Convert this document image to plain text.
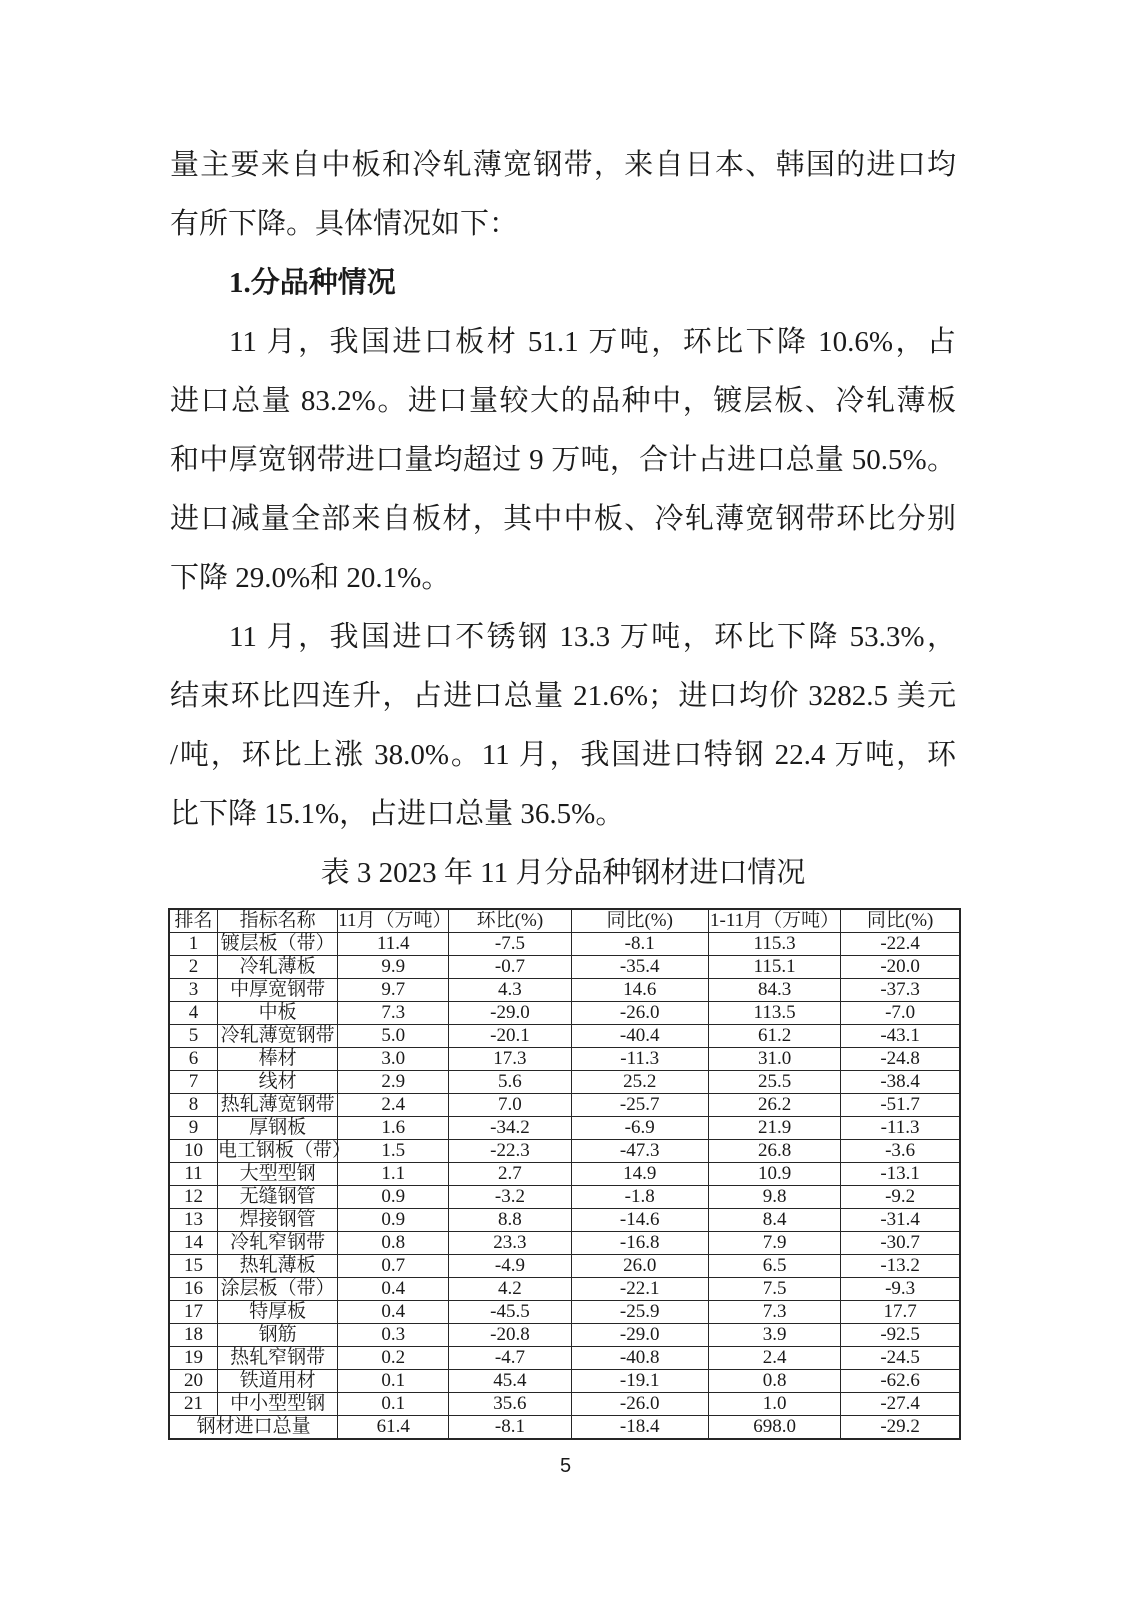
量主要来自中板和冷轧薄宽钢带，来自日本、韩国的进口均
有所下降。具体情况如下：
1.分品种情况
11 月，我国进口板材 51.1 万吨，环比下降 10.6%，占
进口总量 83.2%。进口量较大的品种中，镀层板、冷轧薄板
和中厚宽钢带进口量均超过 9 万吨，合计占进口总量 50.5%。
进口减量全部来自板材，其中中板、冷轧薄宽钢带环比分别
下降 29.0%和 20.1%。
11 月，我国进口不锈钢 13.3 万吨，环比下降 53.3%，
结束环比四连升，占进口总量 21.6%；进口均价 3282.5 美元
/吨，环比上涨 38.0%。11 月，我国进口特钢 22.4 万吨，环
比下降 15.1%，占进口总量 36.5%。
表 3 2023 年 11 月分品种钢材进口情况
排名	指标名称	11月（万吨）	环比(%)	同比(%)	1-11月（万吨）	同比(%)
1	镀层板（带）	11.4	-7.5	-8.1	115.3	-22.4
2	冷轧薄板	9.9	-0.7	-35.4	115.1	-20.0
3	中厚宽钢带	9.7	4.3	14.6	84.3	-37.3
4	中板	7.3	-29.0	-26.0	113.5	-7.0
5	冷轧薄宽钢带	5.0	-20.1	-40.4	61.2	-43.1
6	棒材	3.0	17.3	-11.3	31.0	-24.8
7	线材	2.9	5.6	25.2	25.5	-38.4
8	热轧薄宽钢带	2.4	7.0	-25.7	26.2	-51.7
9	厚钢板	1.6	-34.2	-6.9	21.9	-11.3
10	电工钢板（带）	1.5	-22.3	-47.3	26.8	-3.6
11	大型型钢	1.1	2.7	14.9	10.9	-13.1
12	无缝钢管	0.9	-3.2	-1.8	9.8	-9.2
13	焊接钢管	0.9	8.8	-14.6	8.4	-31.4
14	冷轧窄钢带	0.8	23.3	-16.8	7.9	-30.7
15	热轧薄板	0.7	-4.9	26.0	6.5	-13.2
16	涂层板（带）	0.4	4.2	-22.1	7.5	-9.3
17	特厚板	0.4	-45.5	-25.9	7.3	17.7
18	钢筋	0.3	-20.8	-29.0	3.9	-92.5
19	热轧窄钢带	0.2	-4.7	-40.8	2.4	-24.5
20	铁道用材	0.1	45.4	-19.1	0.8	-62.6
21	中小型型钢	0.1	35.6	-26.0	1.0	-27.4
钢材进口总量		61.4	-8.1	-18.4	698.0	-29.2
5
